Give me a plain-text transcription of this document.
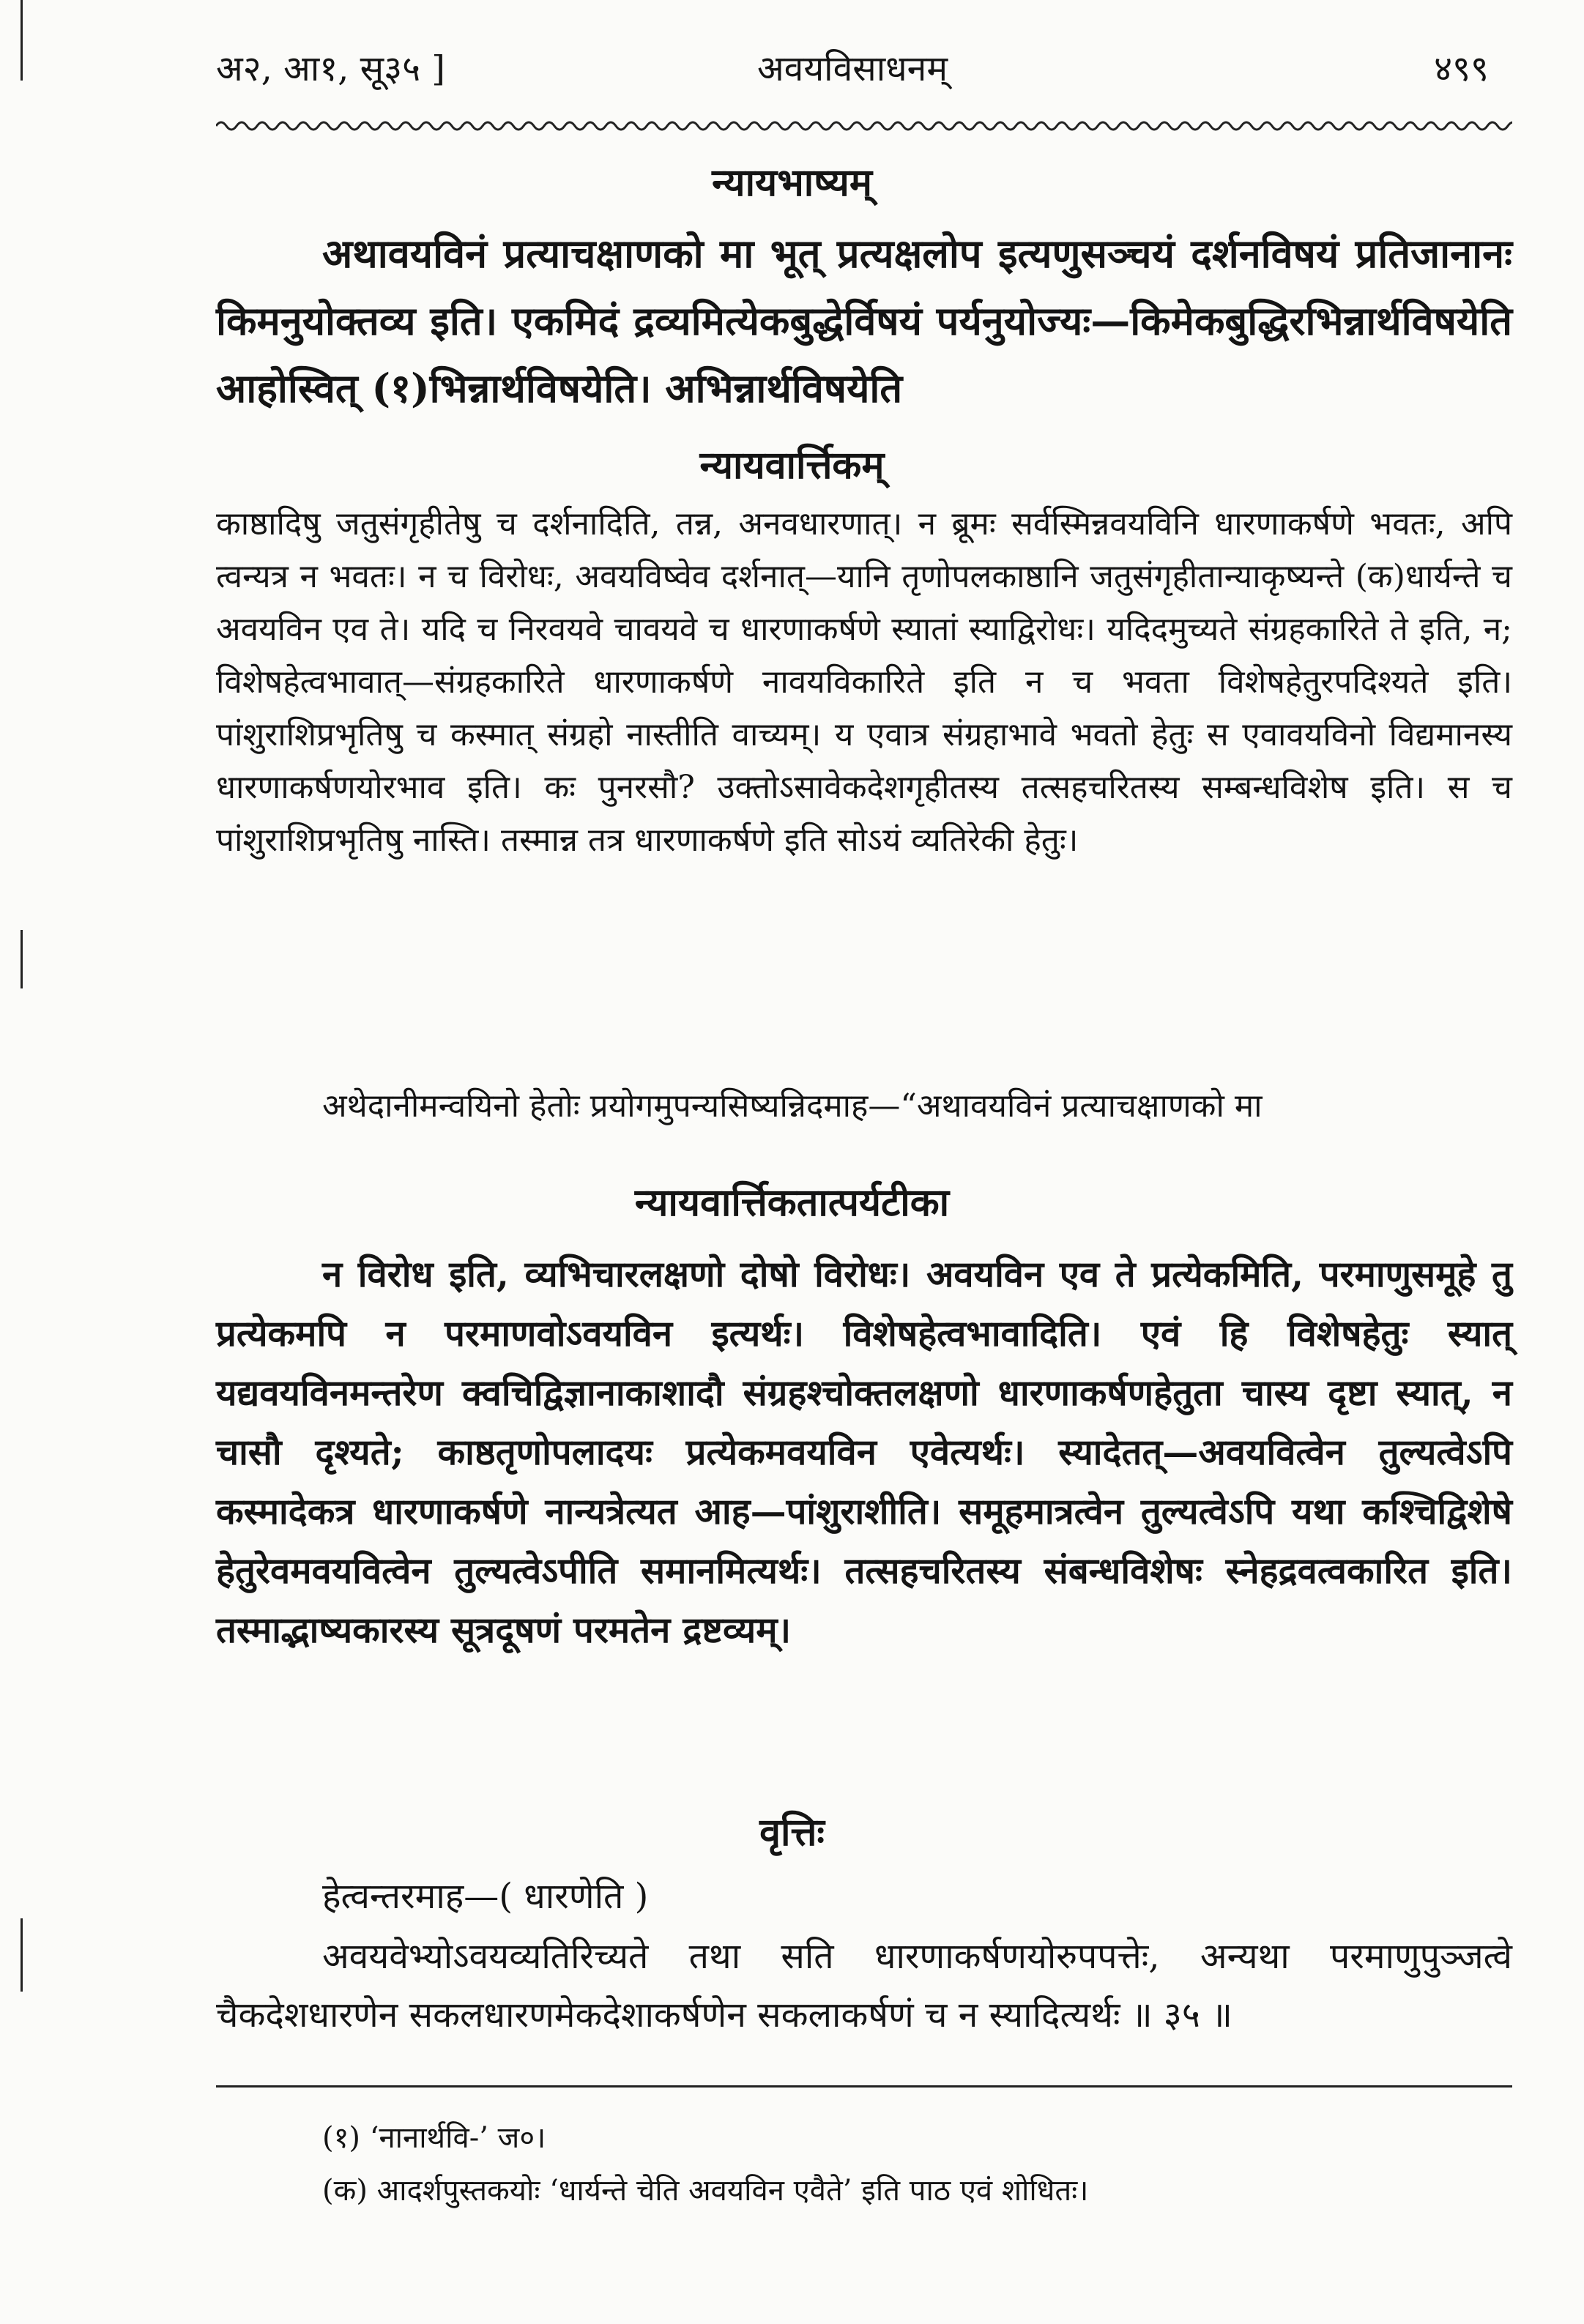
अ२, आ१, सू३५ ]	अवयविसाधनम्	४९९
न्यायभाष्यम्
अथावयविनं प्रत्याचक्षाणको मा भूत् प्रत्यक्षलोप इत्यणुसञ्चयं दर्शनविषयं प्रतिजानानः किमनुयोक्तव्य इति। एकमिदं द्रव्यमित्येकबुद्धेर्विषयं पर्यनुयोज्यः—किमेकबुद्धिरभिन्नार्थविषयेति आहोस्वित् (१)भिन्नार्थविषयेति। अभिन्नार्थविषयेति
न्यायवार्त्तिकम्
काष्ठादिषु जतुसंगृहीतेषु च दर्शनादिति, तन्न, अनवधारणात्। न ब्रूमः सर्वस्मिन्नवयविनि धारणाकर्षणे भवतः, अपि त्वन्यत्र न भवतः। न च विरोधः, अवयविष्वेव दर्शनात्—यानि तृणोपलकाष्ठानि जतुसंगृहीतान्याकृष्यन्ते (क)धार्यन्ते च अवयविन एव ते। यदि च निरवयवे चावयवे च धारणाकर्षणे स्यातां स्याद्विरोधः। यदिदमुच्यते संग्रहकारिते ते इति, न; विशेषहेत्वभावात्—संग्रहकारिते धारणाकर्षणे नावयविकारिते इति न च भवता विशेषहेतुरपदिश्यते इति। पांशुराशिप्रभृतिषु च कस्मात् संग्रहो नास्तीति वाच्यम्। य एवात्र संग्रहाभावे भवतो हेतुः स एवावयविनो विद्यमानस्य धारणाकर्षणयोरभाव इति। कः पुनरसौ? उक्तोऽसावेकदेशगृहीतस्य तत्सहचरितस्य सम्बन्धविशेष इति। स च पांशुराशिप्रभृतिषु नास्ति। तस्मान्न तत्र धारणाकर्षणे इति सोऽयं व्यतिरेकी हेतुः।
अथेदानीमन्वयिनो हेतोः प्रयोगमुपन्यसिष्यन्निदमाह—“अथावयविनं प्रत्याचक्षाणको मा
न्यायवार्त्तिकतात्पर्यटीका
न विरोध इति, व्यभिचारलक्षणो दोषो विरोधः। अवयविन एव ते प्रत्येकमिति, परमाणुसमूहे तु प्रत्येकमपि न परमाणवोऽवयविन इत्यर्थः। विशेषहेत्वभावादिति। एवं हि विशेषहेतुः स्यात् यद्यवयविनमन्तरेण क्वचिद्विज्ञानाकाशादौ संग्रहश्चोक्तलक्षणो धारणाकर्षणहेतुता चास्य दृष्टा स्यात्, न चासौ दृश्यते; काष्ठतृणोपलादयः प्रत्येकमवयविन एवेत्यर्थः। स्यादेतत्—अवयवित्वेन तुल्यत्वेऽपि कस्मादेकत्र धारणाकर्षणे नान्यत्रेत्यत आह—पांशुराशीति। समूहमात्रत्वेन तुल्यत्वेऽपि यथा कश्चिद्विशेषे हेतुरेवमवयवित्वेन तुल्यत्वेऽपीति समानमित्यर्थः। तत्सहचरितस्य संबन्धविशेषः स्नेहद्रवत्वकारित इति। तस्माद्भाष्यकारस्य सूत्रदूषणं परमतेन द्रष्टव्यम्।
वृत्तिः
हेत्वन्तरमाह—( धारणेति )
अवयवेभ्योऽवयव्यतिरिच्यते तथा सति धारणाकर्षणयोरुपपत्तेः, अन्यथा परमाणुपुञ्जत्वे चैकदेशधारणेन सकलधारणमेकदेशाकर्षणेन सकलाकर्षणं च न स्यादित्यर्थः ॥ ३५ ॥
(१) ‘नानार्थवि-’ ज०।
(क) आदर्शपुस्तकयोः ‘धार्यन्ते चेति अवयविन एवैते’ इति पाठ एवं शोधितः।
